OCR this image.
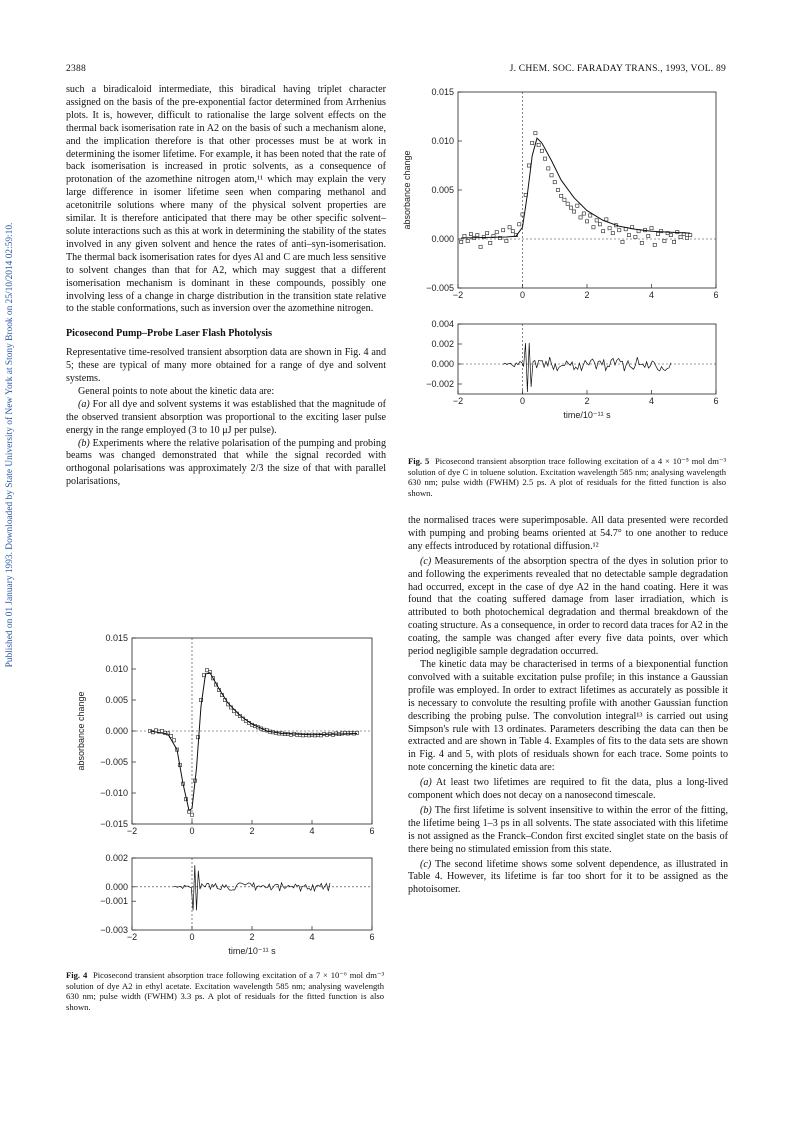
2388	J. CHEM. SOC. FARADAY TRANS., 1993, VOL. 89
Published on 01 January 1993. Downloaded by State University of New York at Stony Brook on 25/10/2014 02:59:10.

such a biradicaloid intermediate, this biradical having triplet character assigned on the basis of the pre-exponential factor determined from Arrhenius plots. It is, however, difficult to rationalise the large solvent effects on the thermal back isomerisation rate in A2 on the basis of such a mechanism alone, and the implication therefore is that other processes must be at work in determining the isomer lifetime. For example, it has been noted that the rate of back isomerisation is increased in protic solvents, as a consequence of protonation of the azomethine nitrogen atom,¹¹ which may explain the very large difference in isomer lifetime seen when comparing methanol and acetonitrile solutions where many of the physical solvent properties are similar. It is therefore anticipated that there may be other specific solvent–solute interactions such as this at work in determining the stability of the states involved in any given solvent and hence the rates of anti–syn-isomerisation. The thermal back isomerisation rates for dyes Al and C are much less sensitive to solvent changes than that for A2, which may suggest that a different isomerisation mechanism is dominant in these compounds, possibly one involving less of a change in charge distribution in the transition state relative to the stable conformations, such as inversion over the azomethine nitrogen.

Picosecond Pump–Probe Laser Flash Photolysis

Representative time-resolved transient absorption data are shown in Fig. 4 and 5; these are typical of many more obtained for a range of dye and solvent systems.

General points to note about the kinetic data are:

(a) For all dye and solvent systems it was established that the magnitude of the observed transient absorption was proportional to the exciting laser pulse energy in the range employed (3 to 10 μJ per pulse).

(b) Experiments where the relative polarisation of the pumping and probing beams was changed demonstrated that while the signal recorded with orthogonal polarisations was approximately 2/3 the size of that with parallel polarisations,

the normalised traces were superimposable. All data presented were recorded with pumping and probing beams oriented at 54.7° to one another to reduce any effects introduced by rotational diffusion.¹²

(c) Measurements of the absorption spectra of the dyes in solution prior to and following the experiments revealed that no detectable sample degradation had occurred, except in the case of dye A2 in the hand coating. Here it was found that the coating suffered damage from laser irradiation, which is attributed to both photochemical degradation and thermal breakdown of the coating structure. As a consequence, in order to record data traces for A2 in the coating, the sample was changed after every five data points, over which period negligible sample degradation occurred.

The kinetic data may be characterised in terms of a biexponential function convolved with a suitable excitation pulse profile; in this instance a Gaussian profile was employed. In order to extract lifetimes as accurately as possible it is necessary to convolute the resulting profile with another Gaussian function describing the probing pulse. The convolution integral¹³ is carried out using Simpson's rule with 13 ordinates. Parameters describing the data can then be extracted and are shown in Table 4. Examples of fits to the data sets are shown in Fig. 4 and 5, with plots of residuals shown for each trace. Some points to note concerning the kinetic data are:

(a) At least two lifetimes are required to fit the data, plus a long-lived component which does not decay on a nanosecond timescale.

(b) The first lifetime is solvent insensitive to within the error of the fitting, the lifetime being 1–3 ps in all solvents. The state associated with this lifetime is not assigned as the Franck–Condon first excited singlet state on the basis of there being no stimulated emission from this state.

(c) The second lifetime shows some solvent dependence, as illustrated in Table 4. However, its lifetime is far too short for it to be assigned as the photoisomer.

−2	0	2	4	6
0.015
0.010
0.005
0.000
−0.005
absorbance change
−2	0	2	4	6
0.004
0.002
0.000
−0.002
time/10⁻¹¹ s
Fig. 5 Picosecond transient absorption trace following excitation of a 4 × 10⁻⁵ mol dm⁻³ solution of dye C in toluene solution. Excitation wavelength 585 nm; analysing wavelength 630 nm; pulse width (FWHM) 2.5 ps. A plot of residuals for the fitted function is also shown.
−2	0	2	4	6
0.015
0.010
0.005
0.000
−0.005
−0.010
−0.015
absorbance change
−2	0	2	4	6
0.002
0.000
−0.001
−0.003
time/10⁻¹¹ s
Fig. 4 Picosecond transient absorption trace following excitation of a 7 × 10⁻⁶ mol dm⁻³ solution of dye A2 in ethyl acetate. Excitation wavelength 585 nm; analysing wavelength 630 nm; pulse width (FWHM) 3.3 ps. A plot of residuals for the fitted function is also shown.
